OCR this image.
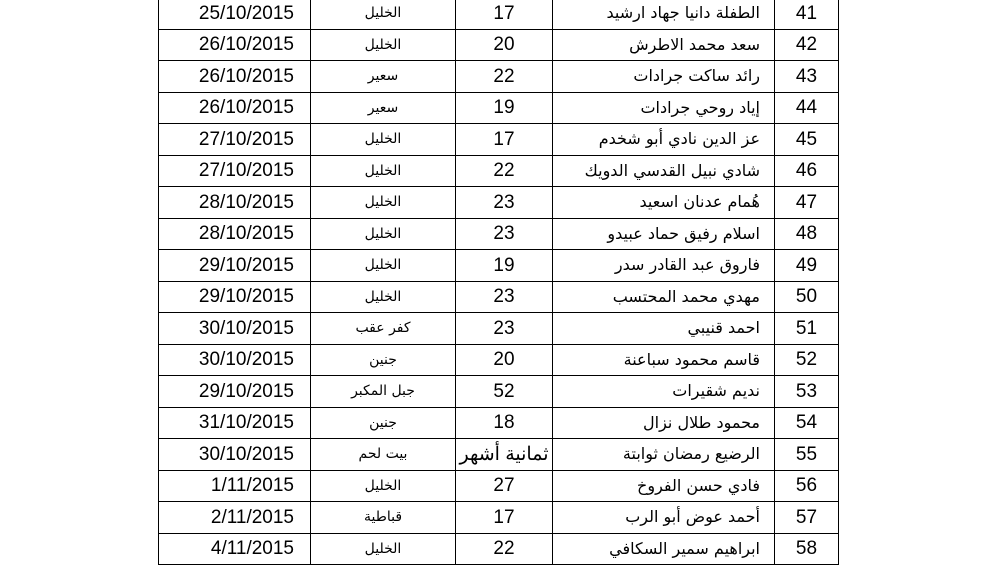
25/10/2015	الخليل	17	الطفلة دانيا جهاد ارشيد	41
26/10/2015	الخليل	20	سعد محمد الاطرش	42
26/10/2015	سعير	22	رائد ساكت جرادات	43
26/10/2015	سعير	19	إياد روحي جرادات	44
27/10/2015	الخليل	17	عز الدين نادي أبو شخدم	45
27/10/2015	الخليل	22	شادي نبيل القدسي الدويك	46
28/10/2015	الخليل	23	هُمام عدنان اسعيد	47
28/10/2015	الخليل	23	اسلام رفيق حماد عبيدو	48
29/10/2015	الخليل	19	فاروق عبد القادر سدر	49
29/10/2015	الخليل	23	مهدي محمد المحتسب	50
30/10/2015	كفر عقب	23	احمد قنيبي	51
30/10/2015	جنين	20	قاسم محمود سباعنة	52
29/10/2015	جبل المكبر	52	نديم شقيرات	53
31/10/2015	جنين	18	محمود طلال نزال	54
30/10/2015	بيت لحم	ثمانية أشهر	الرضيع رمضان ثوابتة	55
1/11/2015	الخليل	27	فادي حسن الفروخ	56
2/11/2015	قباطية	17	أحمد عوض أبو الرب	57
4/11/2015	الخليل	22	ابراهيم سمير السكافي	58
